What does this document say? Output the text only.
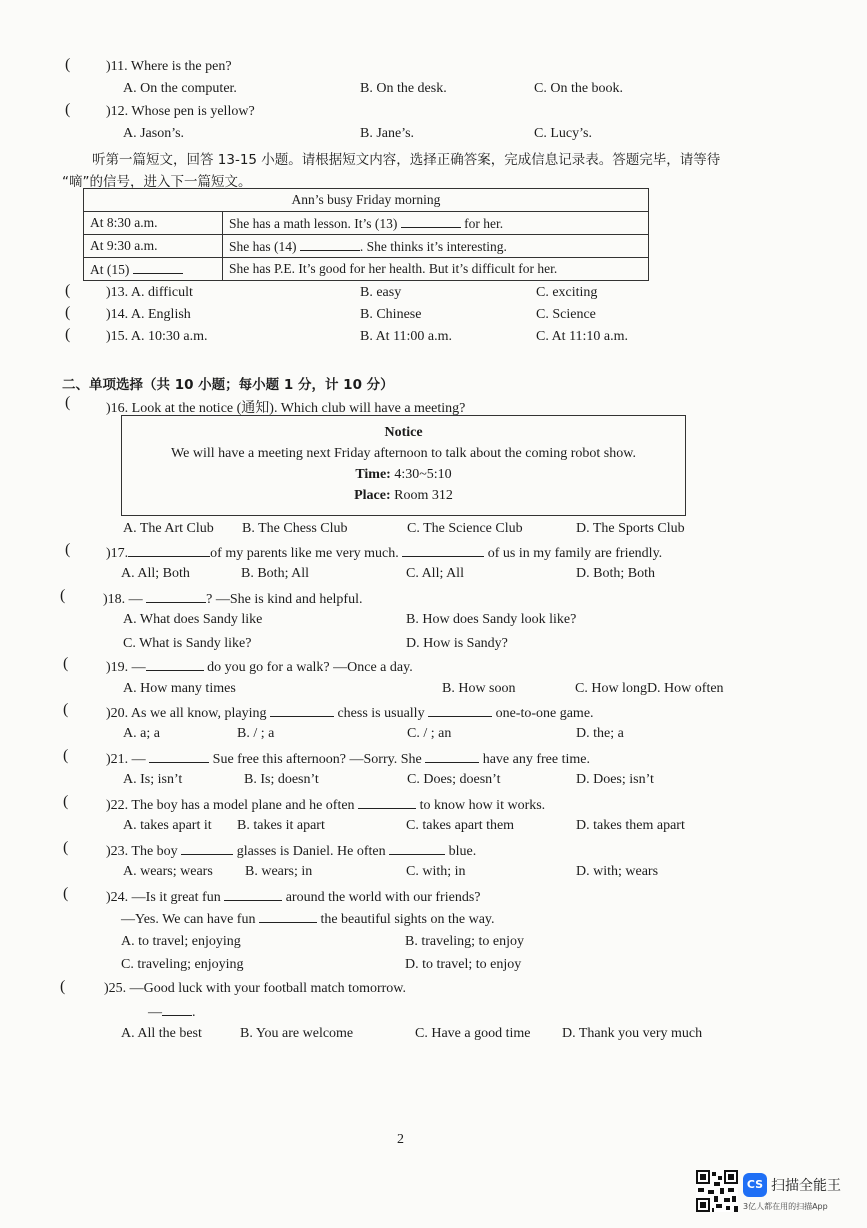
(	)11. Where is the pen?
A. On the computer.	B. On the desk.	C. On the book.
(	)12. Whose pen is yellow?
A. Jason’s.	B. Jane’s.	C. Lucy’s.
听第一篇短文，回答 13-15 小题。请根据短文内容，选择正确答案，完成信息记录表。答题完毕，请等待
“嘀”的信号，进入下一篇短文。
Ann’s busy Friday morning	
At 8:30 a.m.	She has a math lesson. It’s (13) for her.
At 9:30 a.m.	She has (14) . She thinks it’s interesting.
At (15)	She has P.E. It’s good for her health. But it’s difficult for her.
(	)13. A. difficult	B. easy	C. exciting
(	)14. A. English	B. Chinese	C. Science
(	)15. A. 10:30 a.m.	B. At 11:00 a.m.	C. At 11:10 a.m.
二、单项选择（共 10 小题；每小题 1 分，计 10 分）
(	)16. Look at the notice (通知). Which club will have a meeting?
Notice
We will have a meeting next Friday afternoon to talk about the coming robot show.
Time: 4:30~5:10
Place: Room 312
A. The Art Club B. The Chess Club	C. The Science Club	D. The Sports Club
(	)17.	of my parents like me very much.	of us in my family are friendly.
A. All; Both	B. Both; All	C. All; All	D. Both; Both
(	)18. —	? —She is kind and helpful.
A. What does Sandy like	B. How does Sandy look like?
C. What is Sandy like?	D. How is Sandy?
(	)19. —	do you go for a walk? —Once a day.
A. How many times	B. How soon	C. How longD. How often
(	)20. As we all know, playing	chess is usually	one-to-one game.
A. a; a	B. / ; a	C. / ; an	D. the; a
(	)21. —	Sue free this afternoon? —Sorry. She	have any free time.
A. Is; isn’t	B. Is; doesn’t	C. Does; doesn’t	D. Does; isn’t
(	)22. The boy has a model plane and he often	to know how it works.
A. takes apart it B. takes it apart	C. takes apart them	D. takes them apart
(	)23. The boy	glasses is Daniel. He often	blue.
A. wears; wears B. wears; in	C. with; in	D. with; wears
(	)24. —Is it great fun	around the world with our friends?
—Yes. We can have fun	the beautiful sights on the way.
A. to travel; enjoying	B. traveling; to enjoy
C. traveling; enjoying	D. to travel; to enjoy
(	)25. —Good luck with your football match tomorrow.
— .
A. All the best	B. You are welcome	C. Have a good time D. Thank you very much
2
CS 扫描全能王
3亿人都在用的扫描App
